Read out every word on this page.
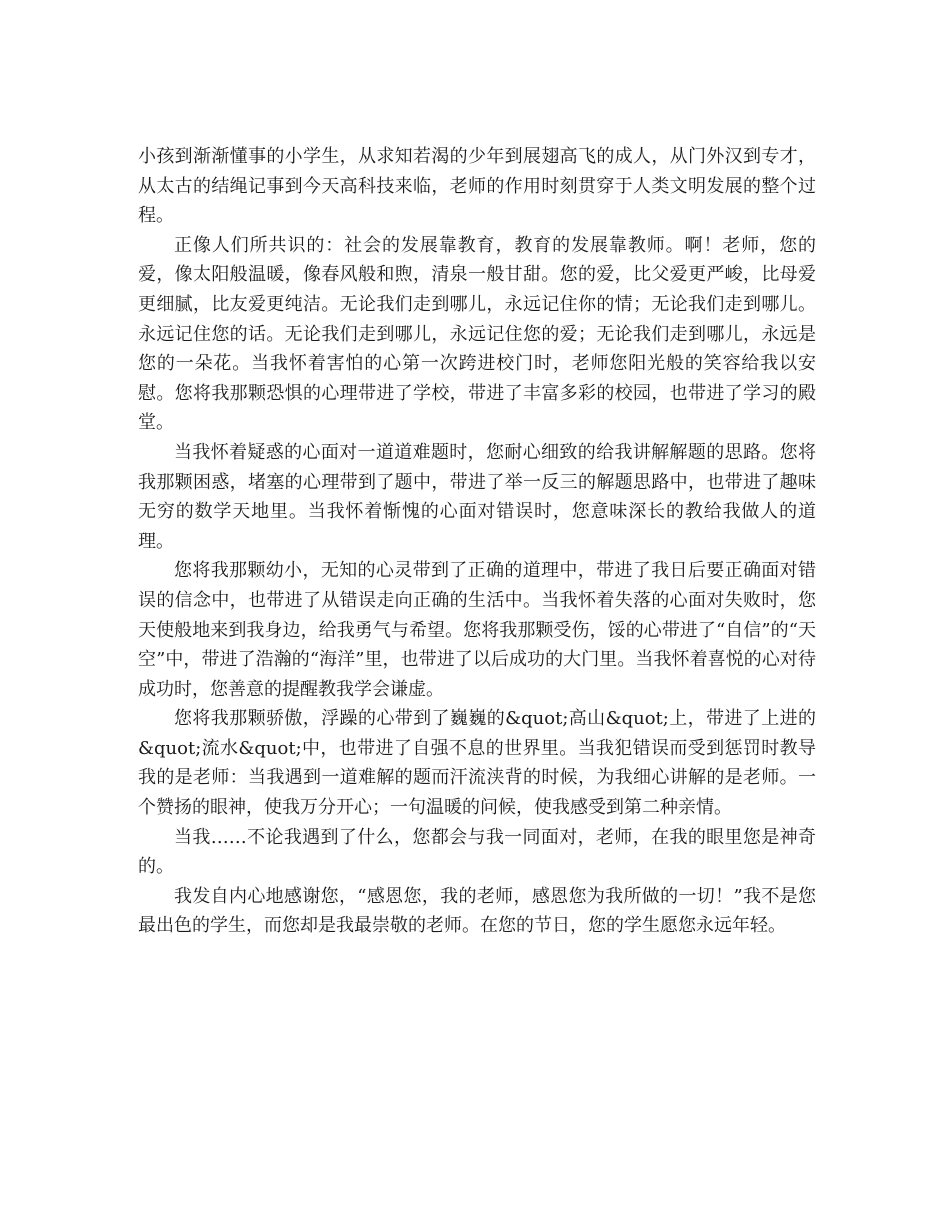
小孩到渐渐懂事的小学生，从求知若渴的少年到展翅高飞的成人，从门外汉到专才，从太古的结绳记事到今天高科技来临，老师的作用时刻贯穿于人类文明发展的整个过程。

正像人们所共识的：社会的发展靠教育，教育的发展靠教师。啊！老师，您的爱，像太阳般温暖，像春风般和煦，清泉一般甘甜。您的爱，比父爱更严峻，比母爱更细腻，比友爱更纯洁。无论我们走到哪儿，永远记住你的情；无论我们走到哪儿。永远记住您的话。无论我们走到哪儿，永远记住您的爱；无论我们走到哪儿，永远是您的一朵花。当我怀着害怕的心第一次跨进校门时，老师您阳光般的笑容给我以安慰。您将我那颗恐惧的心理带进了学校，带进了丰富多彩的校园，也带进了学习的殿堂。

当我怀着疑惑的心面对一道道难题时，您耐心细致的给我讲解解题的思路。您将我那颗困惑，堵塞的心理带到了题中，带进了举一反三的解题思路中，也带进了趣味无穷的数学天地里。当我怀着惭愧的心面对错误时，您意味深长的教给我做人的道理。

您将我那颗幼小，无知的心灵带到了正确的道理中，带进了我日后要正确面对错误的信念中，也带进了从错误走向正确的生活中。当我怀着失落的心面对失败时，您天使般地来到我身边，给我勇气与希望。您将我那颗受伤，馁的心带进了“自信”的“天空”中，带进了浩瀚的“海洋”里，也带进了以后成功的大门里。当我怀着喜悦的心对待成功时，您善意的提醒教我学会谦虚。

您将我那颗骄傲，浮躁的心带到了巍巍的&quot;高山&quot;上，带进了上进的&quot;流水&quot;中，也带进了自强不息的世界里。当我犯错误而受到惩罚时教导我的是老师：当我遇到一道难解的题而汗流浃背的时候，为我细心讲解的是老师。一个赞扬的眼神，使我万分开心；一句温暖的问候，使我感受到第二种亲情。

当我……不论我遇到了什么，您都会与我一同面对，老师，在我的眼里您是神奇的。

我发自内心地感谢您，“感恩您，我的老师，感恩您为我所做的一切！”我不是您最出色的学生，而您却是我最崇敬的老师。在您的节日，您的学生愿您永远年轻。
